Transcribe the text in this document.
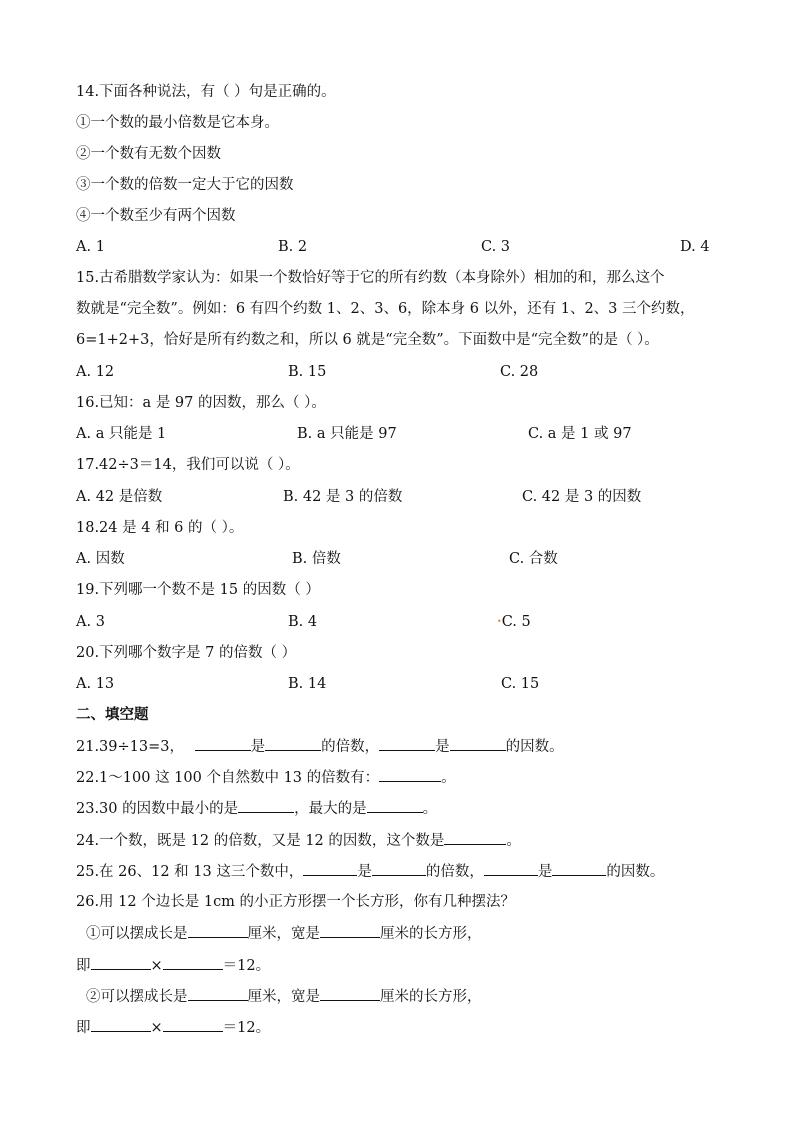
14.下面各种说法，有（ ）句是正确的。
①一个数的最小倍数是它本身。
②一个数有无数个因数
③一个数的倍数一定大于它的因数
④一个数至少有两个因数
A. 1	B. 2	C. 3	D. 4
15.古希腊数学家认为：如果一个数恰好等于它的所有约数（本身除外）相加的和，那么这个
数就是“完全数”。例如：6 有四个约数 1、2、3、6，除本身 6 以外，还有 1、2、3 三个约数，
6=1+2+3，恰好是所有约数之和，所以 6 就是“完全数”。下面数中是“完全数”的是（ ）。
A. 12	B. 15	C. 28
16.已知：a 是 97 的因数，那么（ ）。
A. a 只能是 1	B. a 只能是 97	C. a 是 1 或 97
17.42÷3＝14，我们可以说（ ）。
A. 42 是倍数	B. 42 是 3 的倍数	C. 42 是 3 的因数
18.24 是 4 和 6 的（ ）。
A. 因数	B. 倍数	C. 合数
19.下列哪一个数不是 15 的因数（ ）
A. 3	B. 4	•C. 5
20.下列哪个数字是 7 的倍数（ ）
A. 13	B. 14	C. 15
二、填空题
21.39÷13=3，	是	的倍数，	是	的因数。
22.1～100 这 100 个自然数中 13 的倍数有：	。
23.30 的因数中最小的是	，最大的是	。
24.一个数，既是 12 的倍数，又是 12 的因数，这个数是	。
25.在 26、12 和 13 这三个数中，	是	的倍数，	是	的因数。
26.用 12 个边长是 1cm 的小正方形摆一个长方形，你有几种摆法？
①可以摆成长是	厘米，宽是	厘米的长方形，
即	×	＝12。
②可以摆成长是	厘米，宽是	厘米的长方形，
即	×	＝12。
